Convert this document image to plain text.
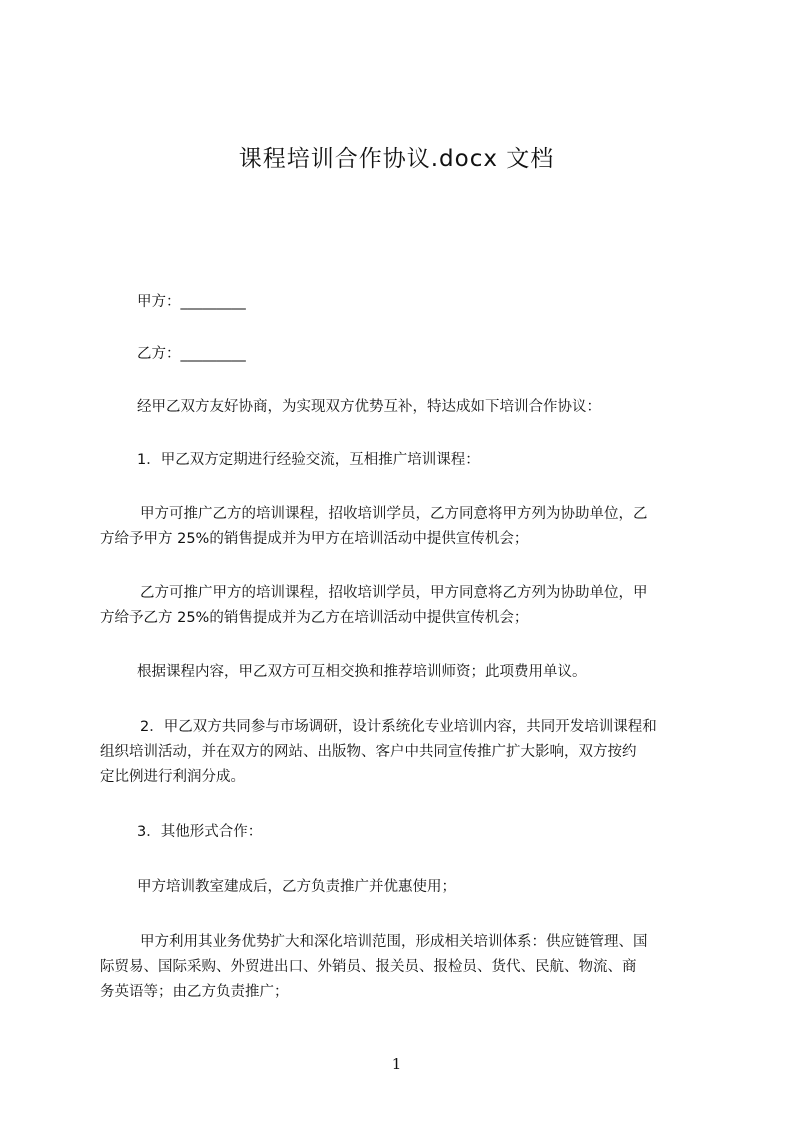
课程培训合作协议.docx 文档
甲方：_________
乙方：_________
经甲乙双方友好协商，为实现双方优势互补，特达成如下培训合作协议：
1．甲乙双方定期进行经验交流，互相推广培训课程：
甲方可推广乙方的培训课程，招收培训学员，乙方同意将甲方列为协助单位，乙
方给予甲方 25%的销售提成并为甲方在培训活动中提供宣传机会；
乙方可推广甲方的培训课程，招收培训学员，甲方同意将乙方列为协助单位，甲
方给予乙方 25%的销售提成并为乙方在培训活动中提供宣传机会；
根据课程内容，甲乙双方可互相交换和推荐培训师资；此项费用单议。
2．甲乙双方共同参与市场调研，设计系统化专业培训内容，共同开发培训课程和
组织培训活动，并在双方的网站、出版物、客户中共同宣传推广扩大影响，双方按约
定比例进行利润分成。
3．其他形式合作：
甲方培训教室建成后，乙方负责推广并优惠使用；
甲方利用其业务优势扩大和深化培训范围，形成相关培训体系：供应链管理、国
际贸易、国际采购、外贸进出口、外销员、报关员、报检员、货代、民航、物流、商
务英语等；由乙方负责推广；
1
